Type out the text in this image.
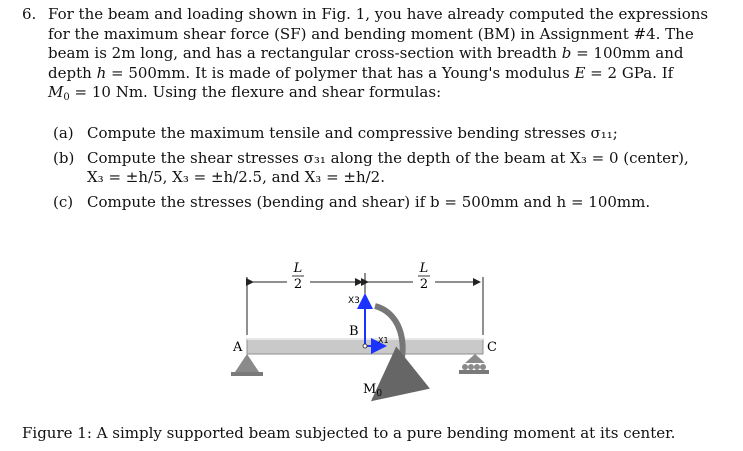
6. For the beam and loading shown in Fig. 1, you have already computed the expressions
for the maximum shear force (SF) and bending moment (BM) in Assignment #4. The
beam is 2m long, and has a rectangular cross-section with breadth b = 100mm and
depth h = 500mm. It is made of polymer that has a Young's modulus E = 2 GPa. If
$M_0 = 10$ Nm. Using the flexure and shear formulas:
(a) Compute the maximum tensile and compressive bending stresses σ₁₁;
(b) Compute the shear stresses σ₃₁ along the depth of the beam at X₃ = 0 (center),
X₃ = ±h/5, X₃ = ±h/2.5, and X₃ = ±h/2.
(c) Compute the stresses (bending and shear) if b = 500mm and h = 100mm.
L
2
L
2
A
B
C
X3
X1
$M_0$
Figure 1: A simply supported beam subjected to a pure bending moment at its center.
